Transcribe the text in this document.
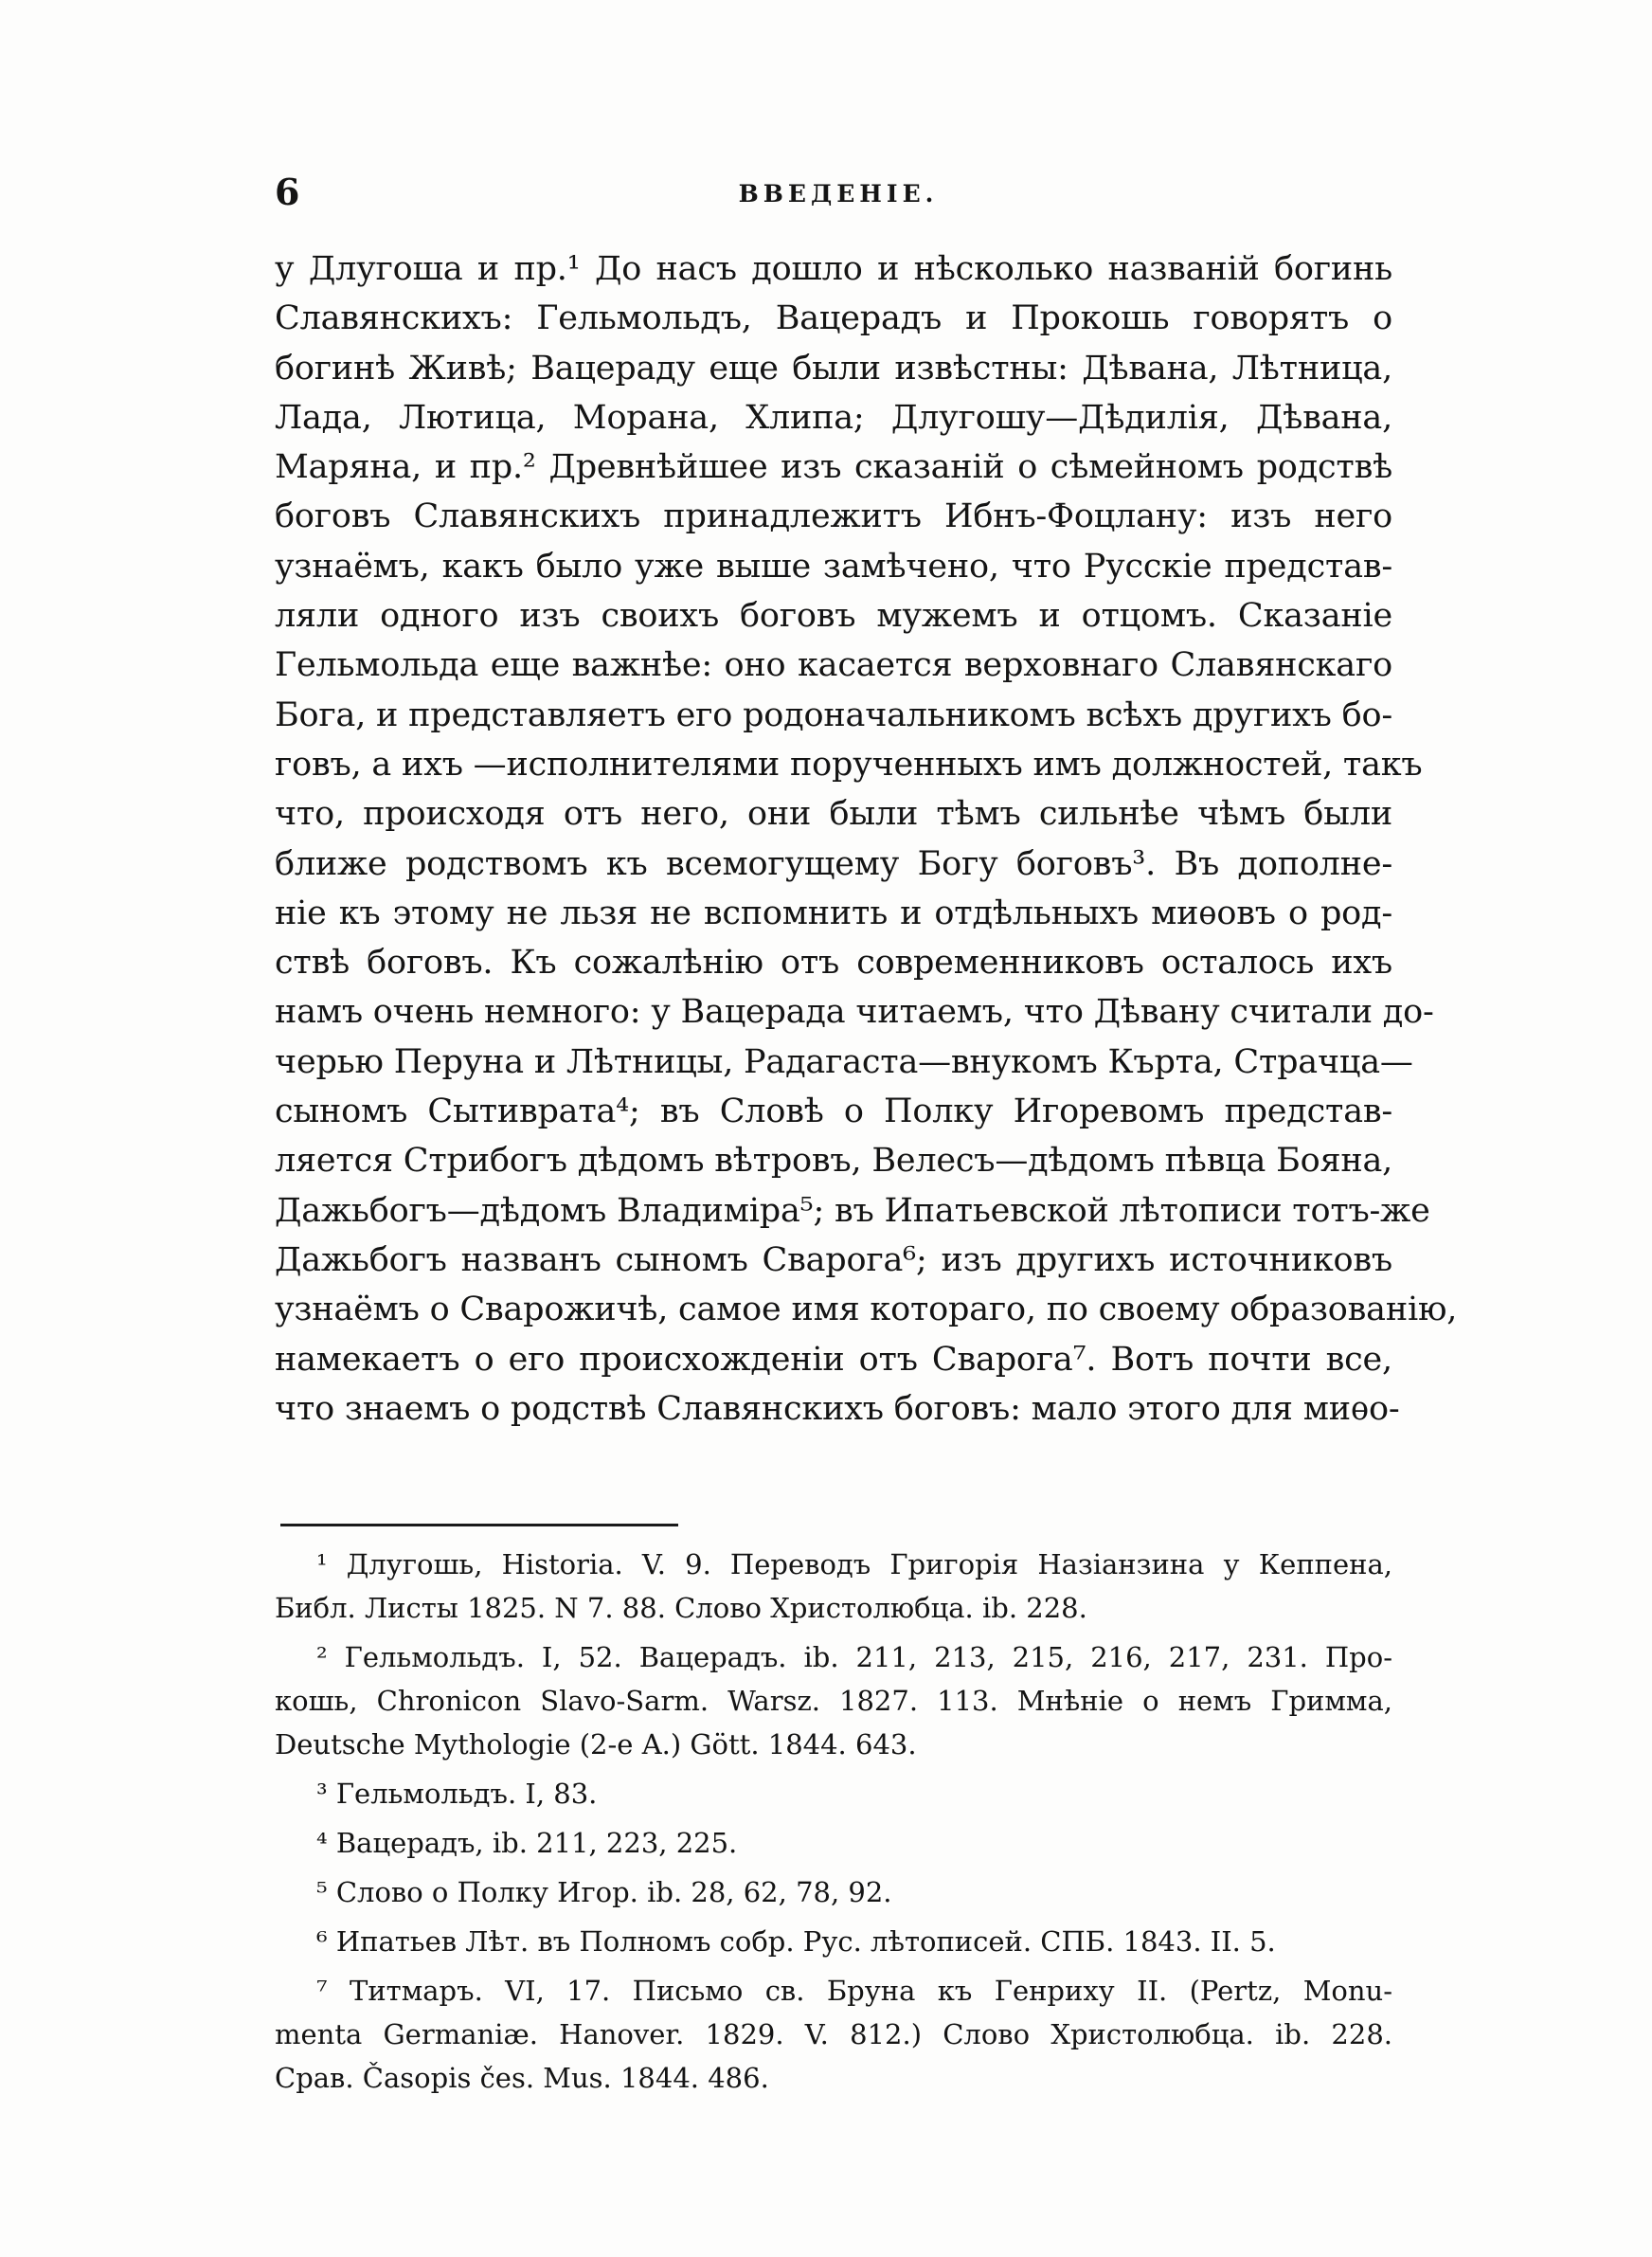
6	ВВЕДЕНІЕ.
у Длугоша и пр.¹ До насъ дошло и нѣсколько названій богинь
Славянскихъ: Гельмольдъ, Вацерадъ и Прокошь говорятъ о
богинѣ Живѣ; Вацераду еще были извѣстны: Дѣвана, Лѣтница,
Лада, Лютица, Морана, Хлипа; Длугошу—Дѣдилія, Дѣвана,
Маряна, и пр.² Древнѣйшее изъ сказаній о сѣмейномъ родствѣ
боговъ Славянскихъ принадлежитъ Ибнъ-Фоцлану: изъ него
узнаёмъ, какъ было уже выше замѣчено, что Русскіе представ-
ляли одного изъ своихъ боговъ мужемъ и отцомъ. Сказаніе
Гельмольда еще важнѣе: оно касается верховнаго Славянскаго
Бога, и представляетъ его родоначальникомъ всѣхъ другихъ бо-
говъ, а ихъ —исполнителями порученныхъ имъ должностей, такъ
что, происходя отъ него, они были тѣмъ сильнѣе чѣмъ были
ближе родствомъ къ всемогущему Богу боговъ³. Въ дополне-
ніе къ этому не льзя не вспомнить и отдѣльныхъ миѳовъ о род-
ствѣ боговъ. Къ сожалѣнію отъ современниковъ осталось ихъ
намъ очень немного: у Вацерада читаемъ, что Дѣвану считали до-
черью Перуна и Лѣтницы, Радагаста—внукомъ Кърта, Страчца—
сыномъ Сытиврата⁴; въ Словѣ о Полку Игоревомъ представ-
ляется Стрибогъ дѣдомъ вѣтровъ, Велесъ—дѣдомъ пѣвца Бояна,
Дажьбогъ—дѣдомъ Владиміра⁵; въ Ипатьевской лѣтописи тотъ-же
Дажьбогъ названъ сыномъ Сварога⁶; изъ другихъ источниковъ
узнаёмъ о Сварожичѣ, самое имя котораго, по своему образованію,
намекаетъ о его происхожденіи отъ Сварога⁷. Вотъ почти все,
что знаемъ о родствѣ Славянскихъ боговъ: мало этого для миѳо-
¹ Длугошь, Historia. V. 9. Переводъ Григорія Назіанзина у Кеппена,
Библ. Листы 1825. N 7. 88. Слово Христолюбца. ib. 228.
² Гельмольдъ. I, 52. Вацерадъ. ib. 211, 213, 215, 216, 217, 231. Про-
кошь, Chronicon Slavo-Sarm. Warsz. 1827. 113. Мнѣніе о немъ Гримма,
Deutsche Mythologie (2-е A.) Gött. 1844. 643.
³ Гельмольдъ. I, 83.
⁴ Вацерадъ, ib. 211, 223, 225.
⁵ Слово о Полку Игор. ib. 28, 62, 78, 92.
⁶ Ипатьев Лѣт. въ Полномъ собр. Рус. лѣтописей. СПБ. 1843. II. 5.
⁷ Титмаръ. VI, 17. Письмо св. Бруна къ Генриху II. (Pertz, Monu-
menta Germaniæ. Hanover. 1829. V. 812.) Слово Христолюбца. ib. 228.
Срав. Časopis čes. Mus. 1844. 486.
